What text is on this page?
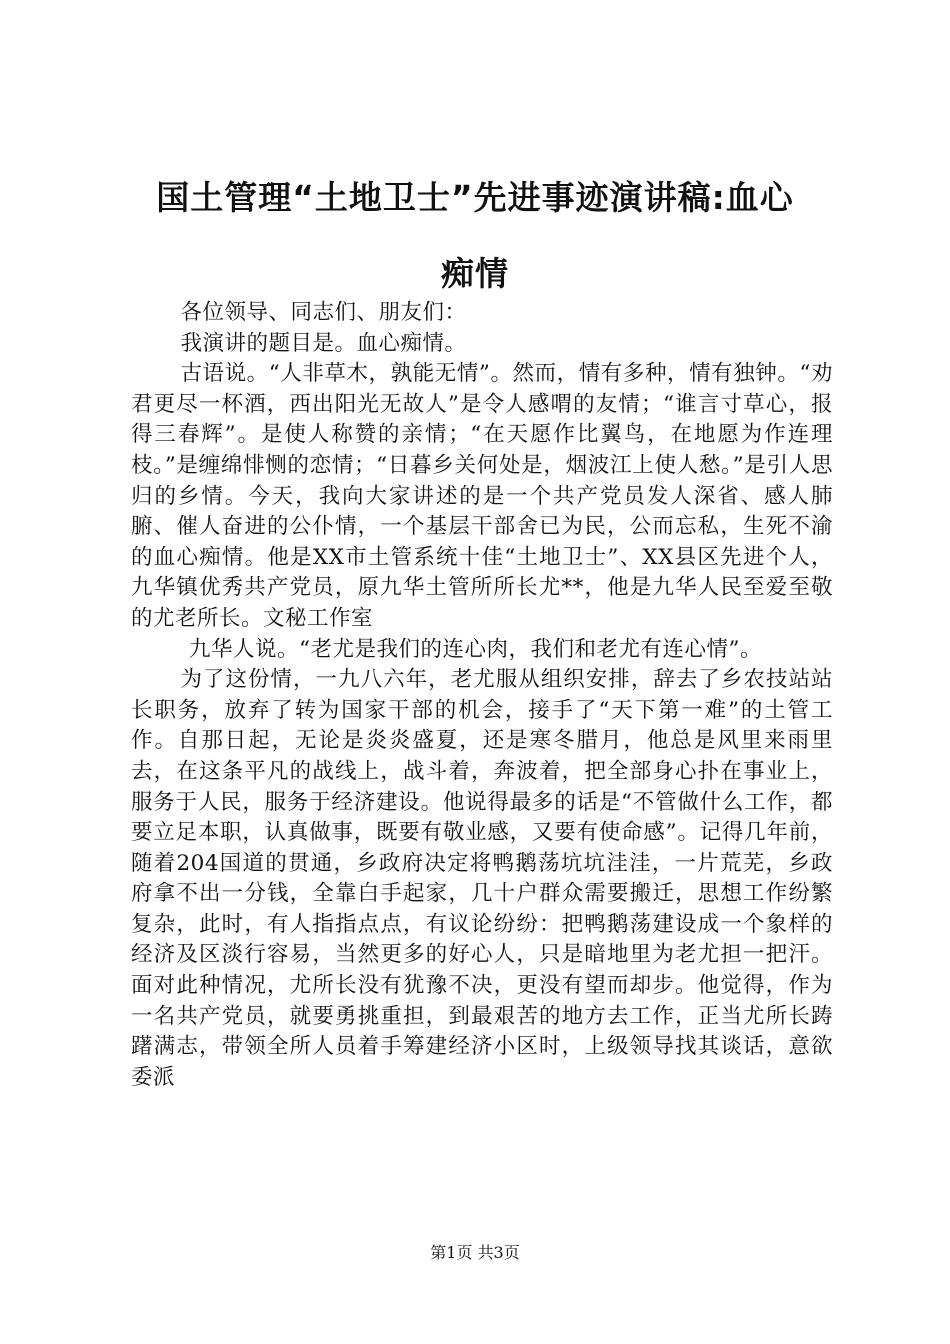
国土管理“土地卫士”先进事迹演讲稿:血心
痴情

各位领导、同志们、朋友们：

我演讲的题目是。血心痴情。

古语说。“人非草木，孰能无情”。然而，情有多种，情有独钟。“劝君更尽一杯酒，西出阳光无故人”是令人感喟的友情；“谁言寸草心，报得三春辉”。是使人称赞的亲情；“在天愿作比翼鸟，在地愿为作连理枝。”是缠绵悱恻的恋情；“日暮乡关何处是，烟波江上使人愁。”是引人思归的乡情。今天，我向大家讲述的是一个共产党员发人深省、感人肺腑、催人奋进的公仆情，一个基层干部舍已为民，公而忘私，生死不渝的血心痴情。他是XX市土管系统十佳“土地卫士”、XX县区先进个人，九华镇优秀共产党员，原九华土管所所长尤**，他是九华人民至爱至敬的尤老所长。文秘工作室

九华人说。“老尤是我们的连心肉，我们和老尤有连心情”。

为了这份情，一九八六年，老尤服从组织安排，辞去了乡农技站站长职务，放弃了转为国家干部的机会，接手了“天下第一难”的土管工作。自那日起，无论是炎炎盛夏，还是寒冬腊月，他总是风里来雨里去，在这条平凡的战线上，战斗着，奔波着，把全部身心扑在事业上，服务于人民，服务于经济建设。他说得最多的话是“不管做什么工作，都要立足本职，认真做事，既要有敬业感，又要有使命感”。记得几年前，随着204国道的贯通，乡政府决定将鸭鹅荡坑坑洼洼，一片荒芜，乡政府拿不出一分钱，全靠白手起家，几十户群众需要搬迁，思想工作纷繁复杂，此时，有人指指点点，有议论纷纷：把鸭鹅荡建设成一个象样的经济及区淡行容易，当然更多的好心人，只是暗地里为老尤担一把汗。面对此种情况，尤所长没有犹豫不决，更没有望而却步。他觉得，作为一名共产党员，就要勇挑重担，到最艰苦的地方去工作，正当尤所长踌躇满志，带领全所人员着手筹建经济小区时，上级领导找其谈话，意欲委派

第1页 共3页
